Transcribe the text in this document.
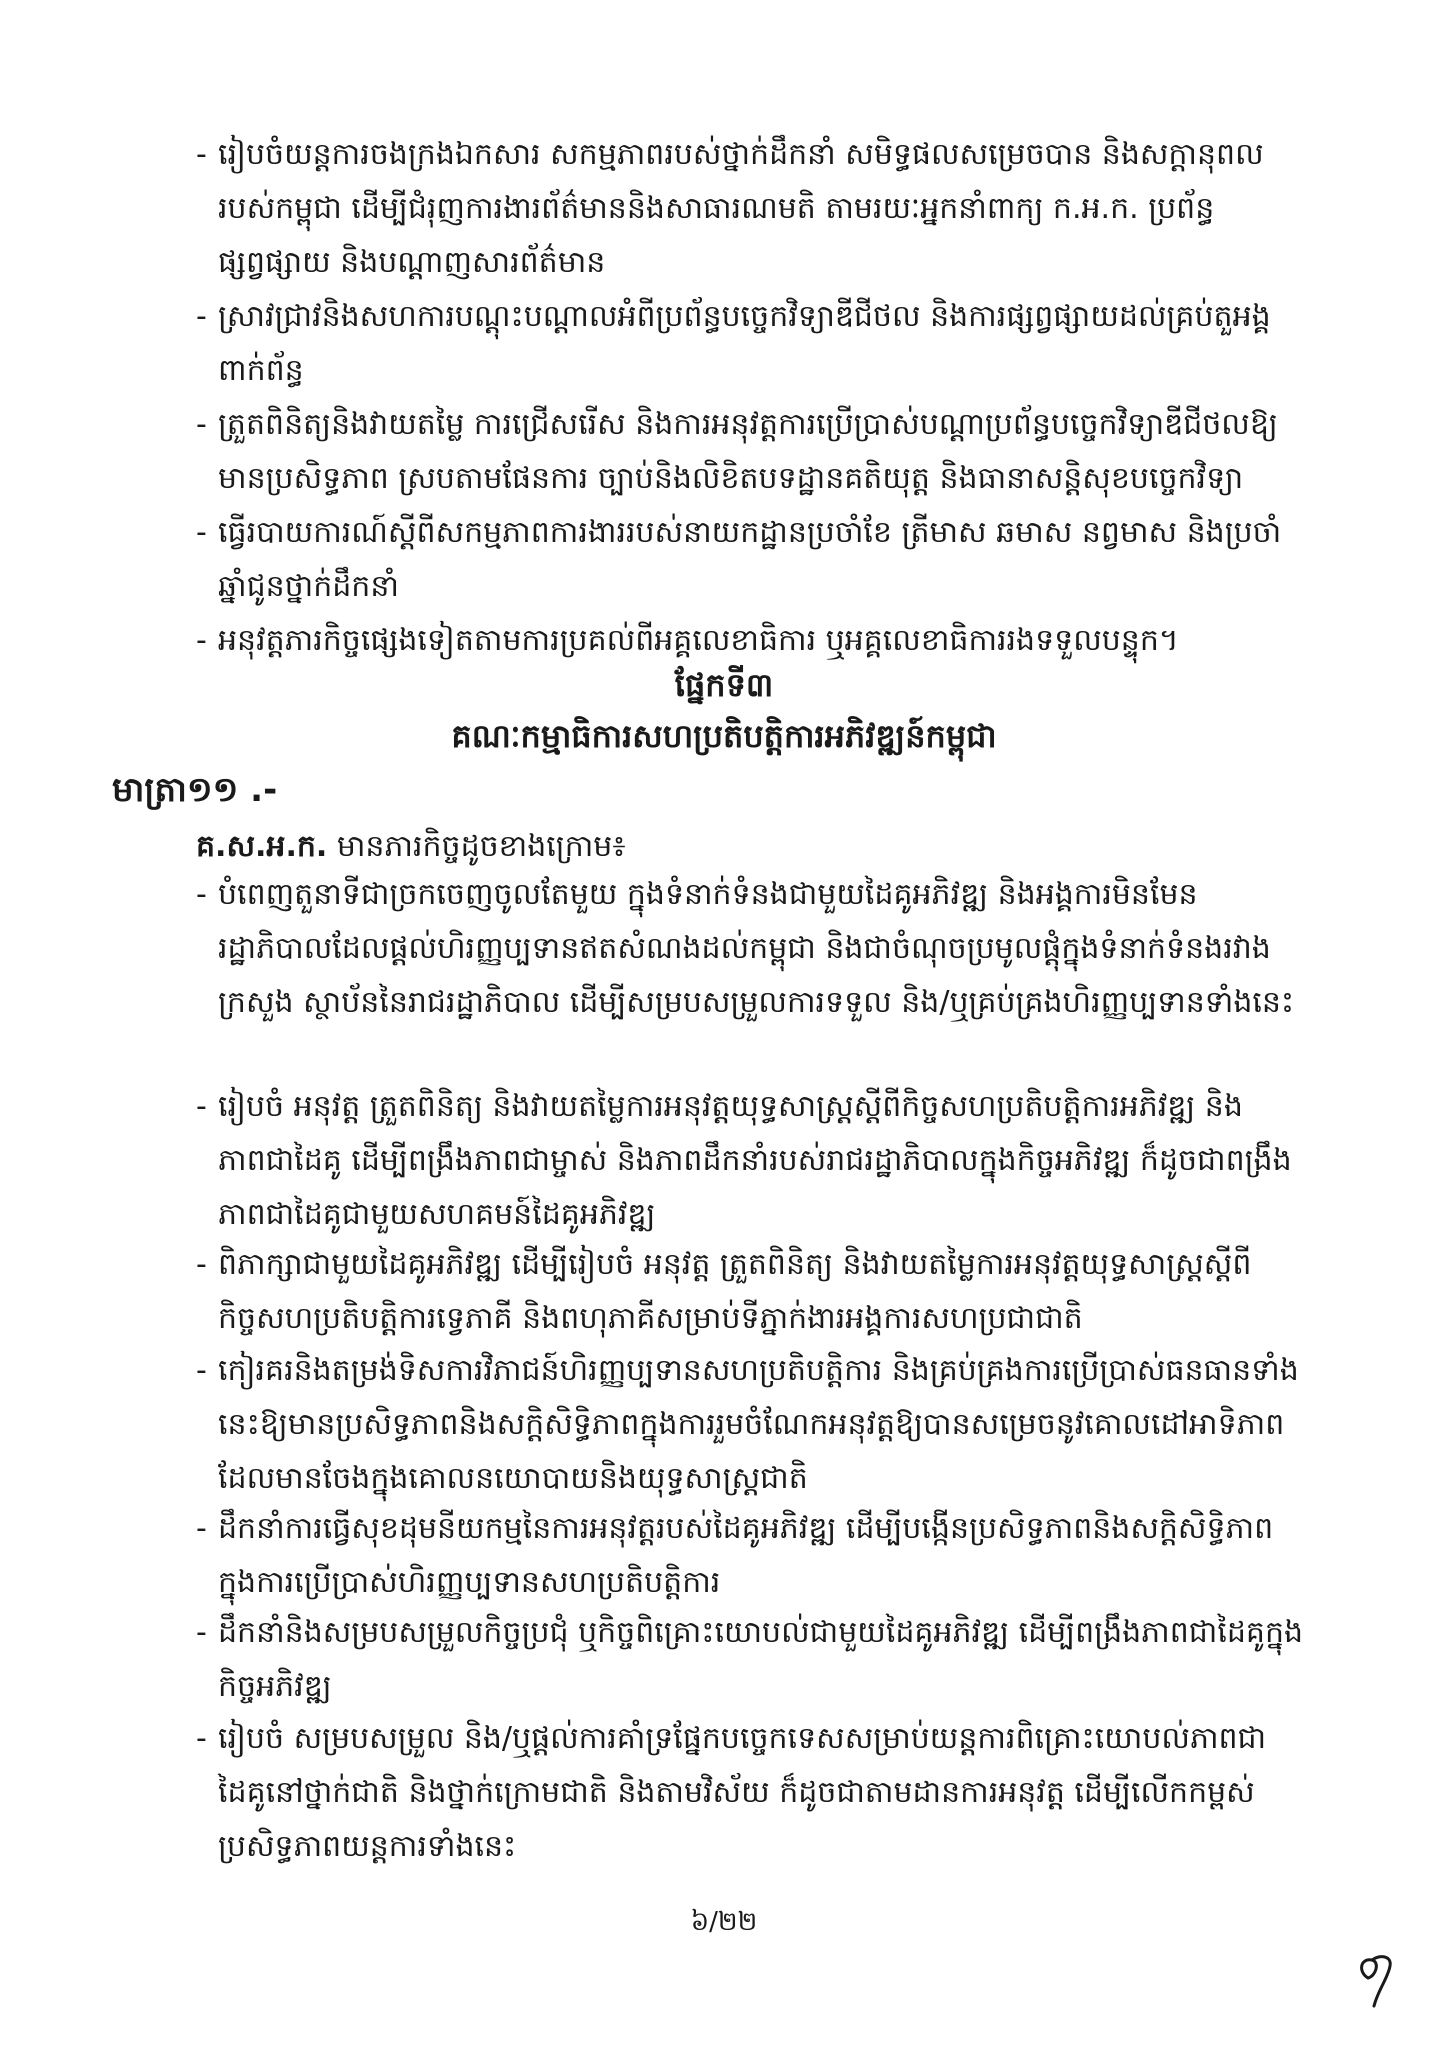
- រៀបចំយន្តការចងក្រងឯកសារ សកម្មភាពរបស់ថ្នាក់ដឹកនាំ សមិទ្ធផលសម្រេចបាន និងសក្តានុពលរបស់កម្ពុជា ដើម្បីជំរុញការងារព័ត៌មាននិងសាធារណមតិ តាមរយៈអ្នកនាំពាក្យ ក.អ.ក. ប្រព័ន្ធផ្សព្វផ្សាយ និងបណ្តាញសារព័ត៌មាន
- ស្រាវជ្រាវនិងសហការបណ្តុះបណ្តាលអំពីប្រព័ន្ធបច្ចេកវិទ្យាឌីជីថល និងការផ្សព្វផ្សាយដល់គ្រប់តួអង្គពាក់ព័ន្ធ
- ត្រួតពិនិត្យនិងវាយតម្លៃ ការជ្រើសរើស និងការអនុវត្តការប្រើប្រាស់បណ្តាប្រព័ន្ធបច្ចេកវិទ្យាឌីជីថលឱ្យមានប្រសិទ្ធភាព ស្របតាមផែនការ ច្បាប់និងលិខិតបទដ្ឋានគតិយុត្ត និងធានាសន្តិសុខបច្ចេកវិទ្យា
- ធ្វើរបាយការណ៍ស្តីពីសកម្មភាពការងាររបស់នាយកដ្ឋានប្រចាំខែ ត្រីមាស ឆមាស នព្វមាស និងប្រចាំឆ្នាំជូនថ្នាក់ដឹកនាំ
- អនុវត្តភារកិច្ចផ្សេងទៀតតាមការប្រគល់ពីអគ្គលេខាធិការ ឬអគ្គលេខាធិការរងទទួលបន្ទុក។
ផ្នែកទី៣
គណៈកម្មាធិការសហប្រតិបត្តិការអភិវឌ្ឍន៍កម្ពុជា
មាត្រា១១ .-
គ.ស.អ.ក. មានភារកិច្ចដូចខាងក្រោម៖
- បំពេញតួនាទីជាច្រកចេញចូលតែមួយ ក្នុងទំនាក់ទំនងជាមួយដៃគូអភិវឌ្ឍ និងអង្គការមិនមែនរដ្ឋាភិបាលដែលផ្តល់ហិរញ្ញប្បទានឥតសំណងដល់កម្ពុជា និងជាចំណុចប្រមូលផ្តុំក្នុងទំនាក់ទំនងរវាងក្រសួង ស្ថាប័ននៃរាជរដ្ឋាភិបាល ដើម្បីសម្របសម្រួលការទទួល និង/ឬគ្រប់គ្រងហិរញ្ញប្បទានទាំងនេះ
- រៀបចំ អនុវត្ត ត្រួតពិនិត្យ និងវាយតម្លៃការអនុវត្តយុទ្ធសាស្ត្រស្តីពីកិច្ចសហប្រតិបត្តិការអភិវឌ្ឍ និងភាពជាដៃគូ ដើម្បីពង្រឹងភាពជាម្ចាស់ និងភាពដឹកនាំរបស់រាជរដ្ឋាភិបាលក្នុងកិច្ចអភិវឌ្ឍ ក៏ដូចជាពង្រឹងភាពជាដៃគូជាមួយសហគមន៍ដៃគូអភិវឌ្ឍ
- ពិភាក្សាជាមួយដៃគូអភិវឌ្ឍ ដើម្បីរៀបចំ អនុវត្ត ត្រួតពិនិត្យ និងវាយតម្លៃការអនុវត្តយុទ្ធសាស្ត្រស្តីពីកិច្ចសហប្រតិបត្តិការទ្វេភាគី និងពហុភាគីសម្រាប់ទីភ្នាក់ងារអង្គការសហប្រជាជាតិ
- កៀរគរនិងតម្រង់ទិសការវិភាជន៍ហិរញ្ញប្បទានសហប្រតិបត្តិការ និងគ្រប់គ្រងការប្រើប្រាស់ធនធានទាំងនេះឱ្យមានប្រសិទ្ធភាពនិងសក្តិសិទ្ធិភាពក្នុងការរួមចំណែកអនុវត្តឱ្យបានសម្រេចនូវគោលដៅអាទិភាពដែលមានចែងក្នុងគោលនយោបាយនិងយុទ្ធសាស្ត្រជាតិ
- ដឹកនាំការធ្វើសុខដុមនីយកម្មនៃការអនុវត្តរបស់ដៃគូអភិវឌ្ឍ ដើម្បីបង្កើនប្រសិទ្ធភាពនិងសក្តិសិទ្ធិភាពក្នុងការប្រើប្រាស់ហិរញ្ញប្បទានសហប្រតិបត្តិការ
- ដឹកនាំនិងសម្របសម្រួលកិច្ចប្រជុំ ឬកិច្ចពិគ្រោះយោបល់ជាមួយដៃគូអភិវឌ្ឍ ដើម្បីពង្រឹងភាពជាដៃគូក្នុងកិច្ចអភិវឌ្ឍ
- រៀបចំ សម្របសម្រួល និង/ឬផ្តល់ការគាំទ្រផ្នែកបច្ចេកទេសសម្រាប់យន្តការពិគ្រោះយោបល់ភាពជាដៃគូនៅថ្នាក់ជាតិ និងថ្នាក់ក្រោមជាតិ និងតាមវិស័យ ក៏ដូចជាតាមដានការអនុវត្ត ដើម្បីលើកកម្ពស់ប្រសិទ្ធភាពយន្តការទាំងនេះ
៦/២២
